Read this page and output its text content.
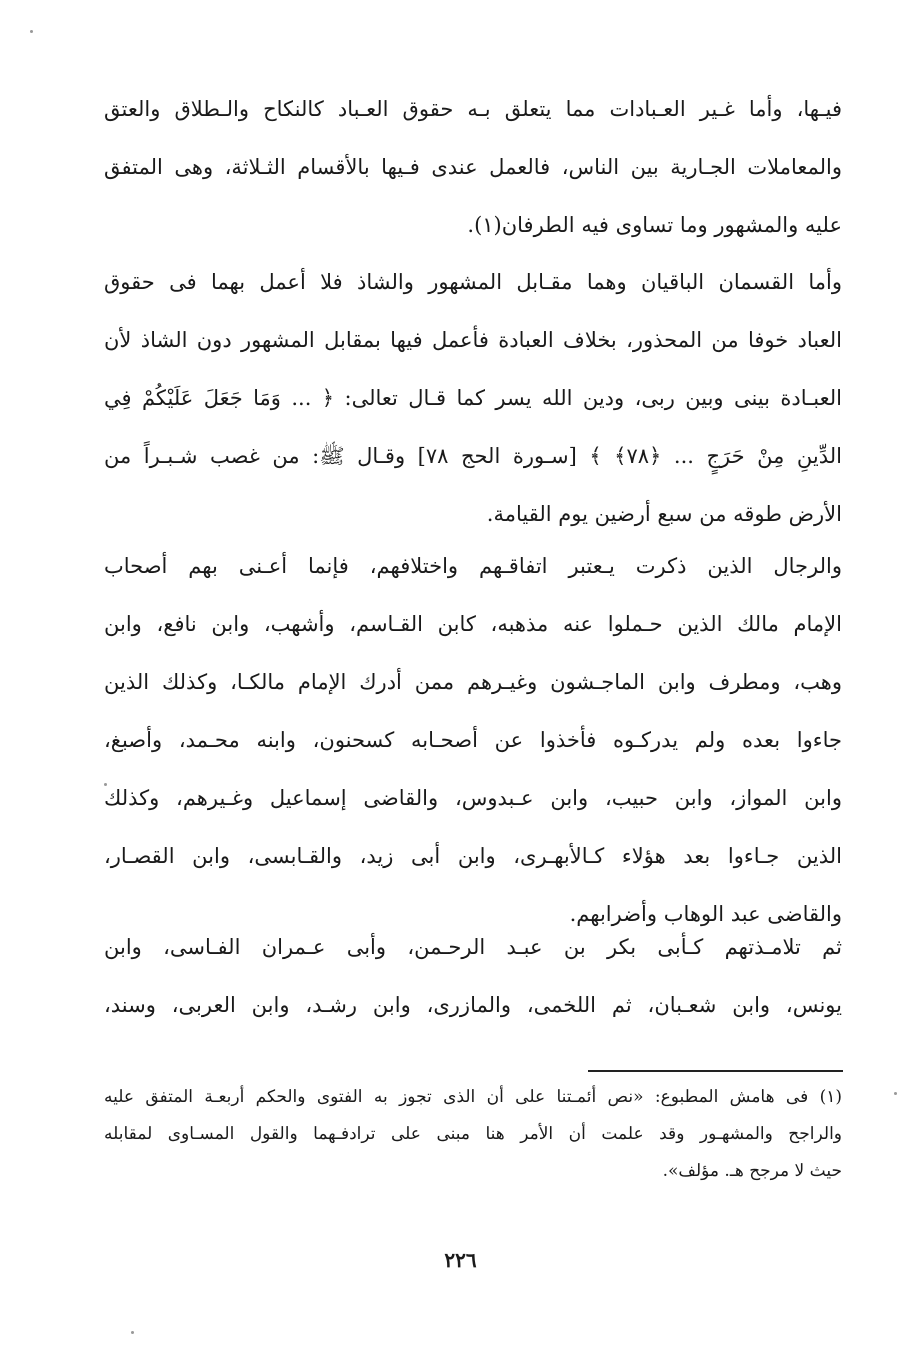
فيـها، وأما غـير العـبادات مما يتعلق بـه حقوق العـباد كالنكاح والـطلاق والعتق
والمعاملات الجـارية بين الناس، فالعمل عندى فـيها بالأقسام الثـلاثة، وهى المتفق
عليه والمشهور وما تساوى فيه الطرفان(١).
وأما القسمان الباقيان وهما مقـابل المشهور والشاذ فلا أعمل بهما فى حقوق
العباد خوفا من المحذور، بخلاف العبادة فأعمل فيها بمقابل المشهور دون الشاذ لأن
العبـادة بينى وبين ربى، ودين الله يسر كما قـال تعالى: ﴿ ... وَمَا جَعَلَ عَلَيْكُمْ فِي
الدِّينِ مِنْ حَرَجٍ ... ﴿٧٨﴾ ﴾ [سـورة الحج ٧٨] وقـال ﷺ: من غصب شـبـراً من
الأرض طوقه من سبع أرضين يوم القيامة.
والرجال الذين ذكرت يـعتبر اتفاقـهم واختلافهم، فإنما أعـنى بهم أصحاب
الإمام مالك الذين حـملوا عنه مذهبه، كابن القـاسم، وأشهب، وابن نافع، وابن
وهب، ومطرف وابن الماجـشون وغيـرهم ممن أدرك الإمام مالكـا، وكذلك الذين
جاءوا بعده ولم يدركـوه فأخذوا عن أصحـابه كسحنون، وابنه محـمد، وأصبغ،
وابن المواز، وابن حبيب، وابن عـبدوس، والقاضى إسماعيل وغـيرهم، وكذلك
الذين جـاءوا بعد هؤلاء كـالأبهـرى، وابن أبى زيد، والقـابسى، وابن القصـار،
والقاضى عبد الوهاب وأضرابهم.
ثم تلامـذتهم كـأبى بكر بن عبـد الرحـمن، وأبى عـمران الفـاسى، وابن
يونس، وابن شعـبان، ثم اللخمى، والمازرى، وابن رشـد، وابن العربى، وسند،
(١) فى هامش المطبوع: «نص أئمـتنا على أن الذى تجوز به الفتوى والحكم أربعـة المتفق عليه
والراجح والمشهـور وقد علمت أن الأمر هنا مبنى على ترادفـهما والقول المسـاوى لمقابله
حيث لا مرجح هـ. مؤلف».
٢٢٦
